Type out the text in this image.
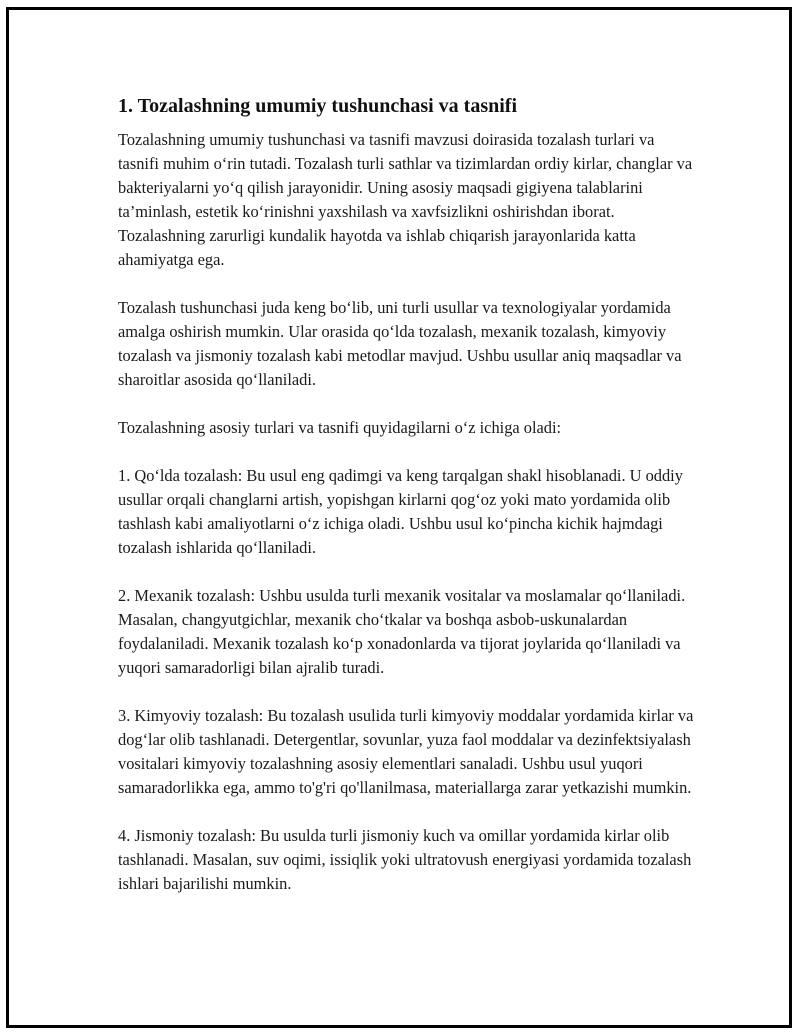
1. Tozalashning umumiy tushunchasi va tasnifi

Tozalashning umumiy tushunchasi va tasnifi mavzusi doirasida tozalash turlari va tasnifi muhim o‘rin tutadi. Tozalash turli sathlar va tizimlardan ordiy kirlar, changlar va bakteriyalarni yo‘q qilish jarayonidir. Uning asosiy maqsadi gigiyena talablarini ta’minlash, estetik ko‘rinishni yaxshilash va xavfsizlikni oshirishdan iborat. Tozalashning zarurligi kundalik hayotda va ishlab chiqarish jarayonlarida katta ahamiyatga ega.

Tozalash tushunchasi juda keng bo‘lib, uni turli usullar va texnologiyalar yordamida amalga oshirish mumkin. Ular orasida qo‘lda tozalash, mexanik tozalash, kimyoviy tozalash va jismoniy tozalash kabi metodlar mavjud. Ushbu usullar aniq maqsadlar va sharoitlar asosida qo‘llaniladi.

Tozalashning asosiy turlari va tasnifi quyidagilarni o‘z ichiga oladi:

1. Qo‘lda tozalash: Bu usul eng qadimgi va keng tarqalgan shakl hisoblanadi. U oddiy usullar orqali changlarni artish, yopishgan kirlarni qog‘oz yoki mato yordamida olib tashlash kabi amaliyotlarni o‘z ichiga oladi. Ushbu usul ko‘pincha kichik hajmdagi tozalash ishlarida qo‘llaniladi.

2. Mexanik tozalash: Ushbu usulda turli mexanik vositalar va moslamalar qo‘llaniladi. Masalan, changyutgichlar, mexanik cho‘tkalar va boshqa asbob-uskunalardan foydalaniladi. Mexanik tozalash ko‘p xonadonlarda va tijorat joylarida qo‘llaniladi va yuqori samaradorligi bilan ajralib turadi.

3. Kimyoviy tozalash: Bu tozalash usulida turli kimyoviy moddalar yordamida kirlar va dog‘lar olib tashlanadi. Detergentlar, sovunlar, yuza faol moddalar va dezinfektsiyalash vositalari kimyoviy tozalashning asosiy elementlari sanaladi. Ushbu usul yuqori samaradorlikka ega, ammo to'g'ri qo'llanilmasa, materiallarga zarar yetkazishi mumkin.

4. Jismoniy tozalash: Bu usulda turli jismoniy kuch va omillar yordamida kirlar olib tashlanadi. Masalan, suv oqimi, issiqlik yoki ultratovush energiyasi yordamida tozalash ishlari bajarilishi mumkin.
